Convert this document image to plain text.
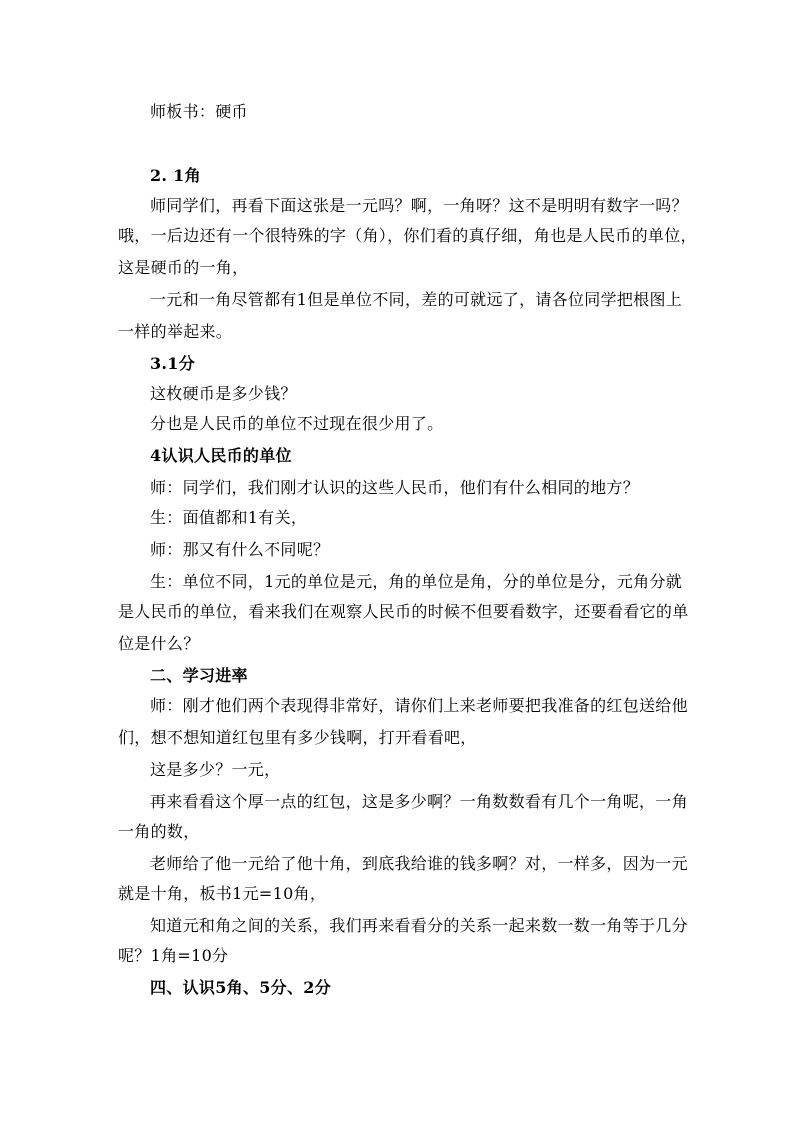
师板书：硬币
2. 1角
师同学们，再看下面这张是一元吗？啊，一角呀？这不是明明有数字一吗？
哦，一后边还有一个很特殊的字（角），你们看的真仔细，角也是人民币的单位，
这是硬币的一角，
一元和一角尽管都有1但是单位不同，差的可就远了，请各位同学把根图上
一样的举起来。
3.1分
这枚硬币是多少钱？
分也是人民币的单位不过现在很少用了。
4认识人民币的单位
师：同学们，我们刚才认识的这些人民币，他们有什么相同的地方？
生：面值都和1有关，
师：那又有什么不同呢？
生：单位不同，1元的单位是元，角的单位是角，分的单位是分，元角分就
是人民币的单位，看来我们在观察人民币的时候不但要看数字，还要看看它的单
位是什么？
二、学习进率
师：刚才他们两个表现得非常好，请你们上来老师要把我准备的红包送给他
们，想不想知道红包里有多少钱啊，打开看看吧，
这是多少？一元，
再来看看这个厚一点的红包，这是多少啊？一角数数看有几个一角呢，一角
一角的数，
老师给了他一元给了他十角，到底我给谁的钱多啊？对，一样多，因为一元
就是十角，板书1元=10角，
知道元和角之间的关系，我们再来看看分的关系一起来数一数一角等于几分
呢？1角=10分
四、认识5角、5分、2分
